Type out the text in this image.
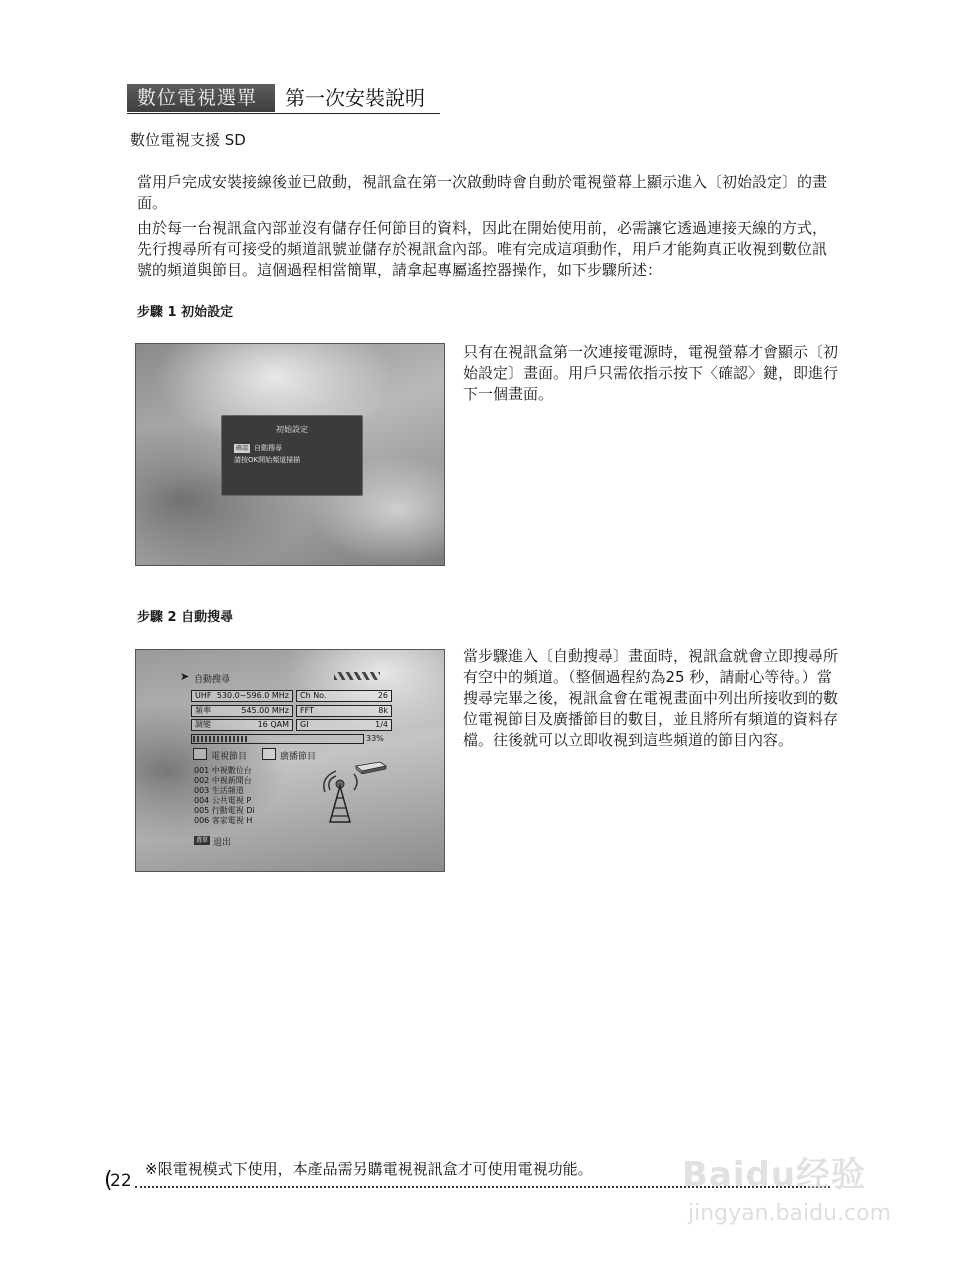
數位電視選單	第一次安裝說明
數位電視支援 SD
當用戶完成安裝接線後並已啟動，視訊盒在第一次啟動時會自動於電視螢幕上顯示進入〔初始設定〕的畫面。
由於每一台視訊盒內部並沒有儲存任何節目的資料，因此在開始使用前，必需讓它透過連接天線的方式，先行搜尋所有可接受的頻道訊號並儲存於視訊盒內部。唯有完成這項動作，用戶才能夠真正收視到數位訊號的頻道與節目。這個過程相當簡單，請拿起專屬遙控器操作，如下步驟所述：
步驟 1 初始設定
初始設定
確認 自動搜尋
請按OK開始頻道掃描
只有在視訊盒第一次連接電源時，電視螢幕才會顯示〔初始設定〕畫面。用戶只需依指示按下〈確認〉鍵，即進行下一個畫面。
步驟 2 自動搜尋
➤ 自動搜尋
UHF 530.0~596.0 MHz
頻率	545.00 MHz
調變	16 QAM
Ch No.	26
FFT	8k
GI	1/4
33%
電視節目	廣播節目
001 中視數位台
002 中視新聞台
003 生活頻道
004 公共電視 P
005 行動電視 Di
006 客家電視 H
選單 退出
當步驟進入〔自動搜尋〕畫面時，視訊盒就會立即搜尋所有空中的頻道。（整個過程約為25 秒，請耐心等待。）當搜尋完畢之後，視訊盒會在電視畫面中列出所接收到的數位電視節目及廣播節目的數目，並且將所有頻道的資料存檔。往後就可以立即收視到這些頻道的節目內容。
※限電視模式下使用，本產品需另購電視視訊盒才可使用電視功能。
(
22	Baidu经验
jingyan.baidu.com
